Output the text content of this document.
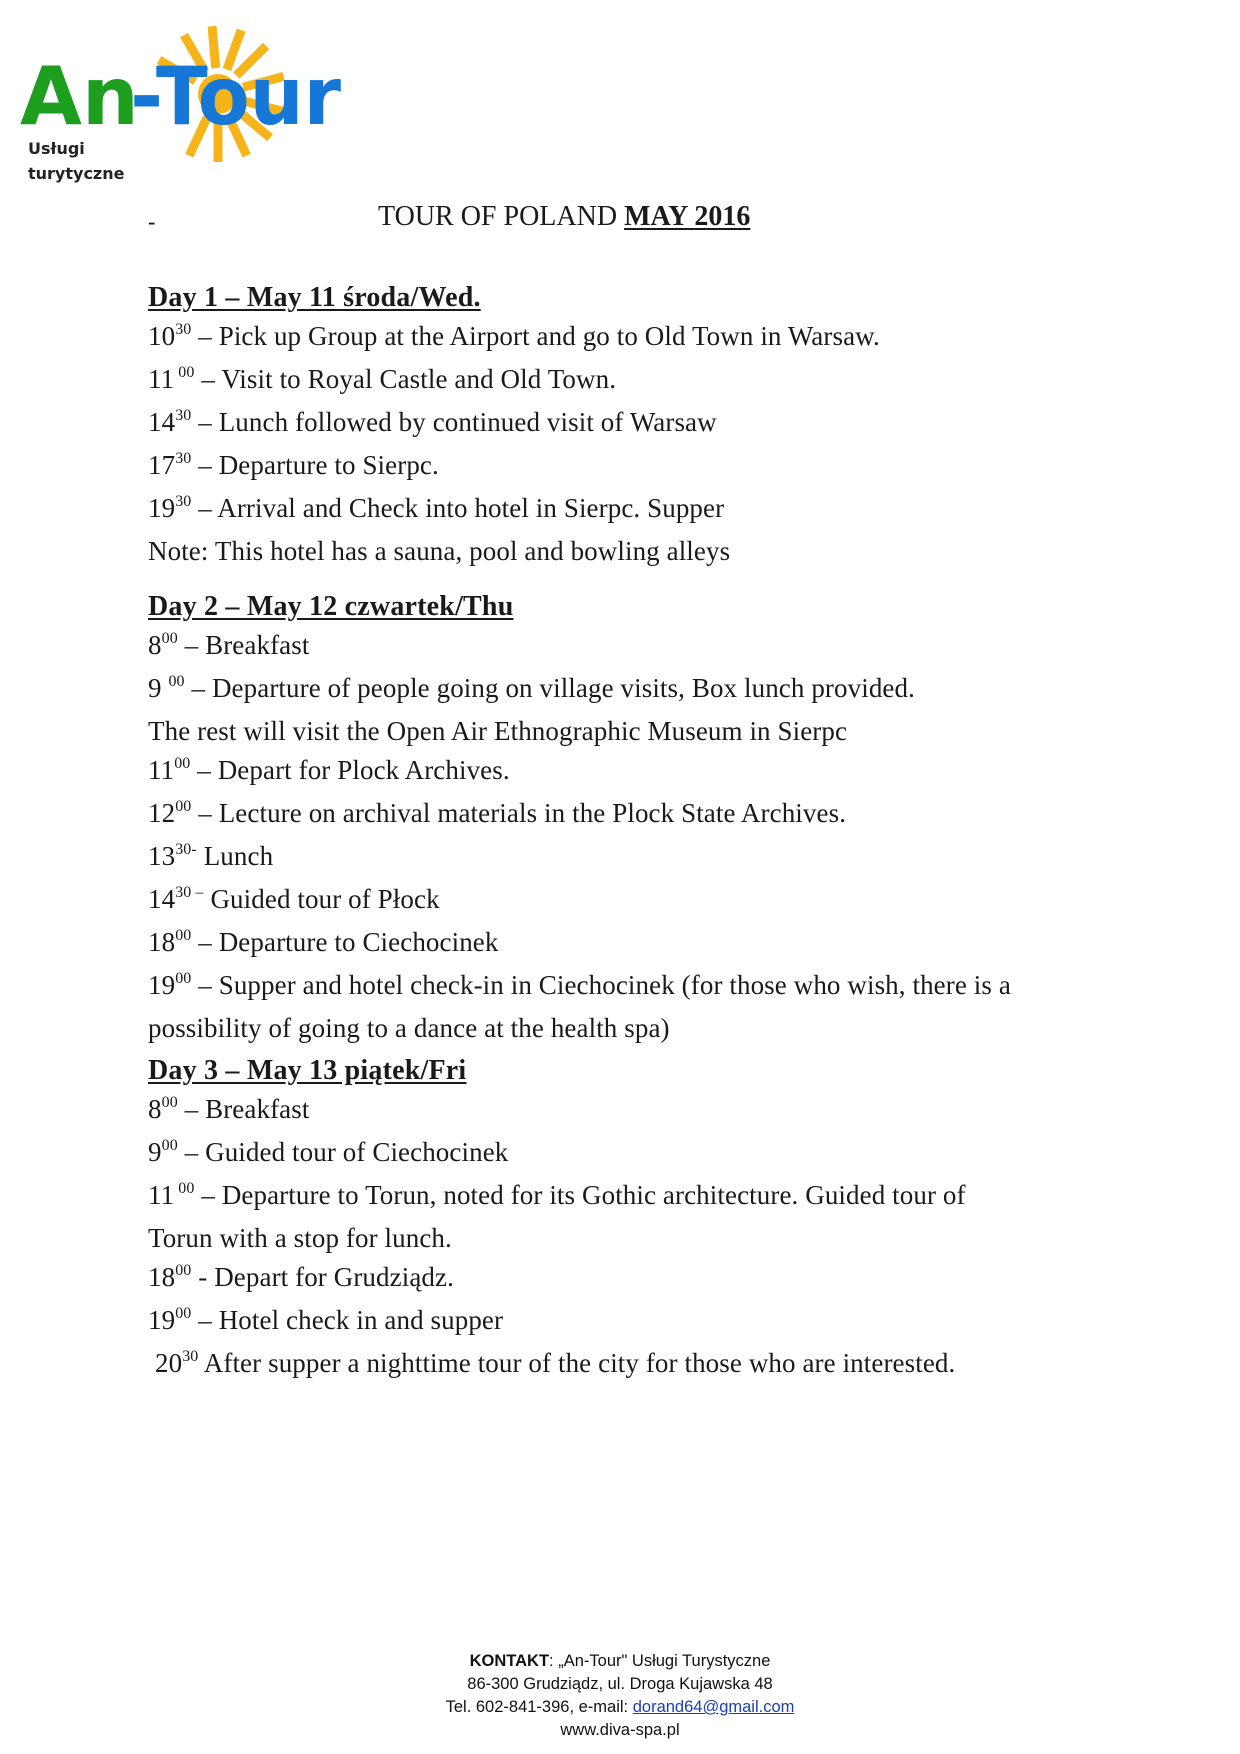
An
-
Tour
Usługi
turytyczne
-	TOUR OF POLAND MAY 2016
Day 1 – May 11 środa/Wed.
$10^{30}$ – Pick up Group at the Airport and go to Old Town in Warsaw.
11 $^{00}$ – Visit to Royal Castle and Old Town.
$14^{30}$ – Lunch followed by continued visit of Warsaw
$17^{30}$ – Departure to Sierpc.
$19^{30}$ – Arrival and Check into hotel in Sierpc. Supper
Note: This hotel has a sauna, pool and bowling alleys
Day 2 – May 12 czwartek/Thu
$8^{00}$ – Breakfast
9 $^{00}$ – Departure of people going on village visits, Box lunch provided.
The rest will visit the Open Air Ethnographic Museum in Sierpc
$11^{00}$ – Depart for Plock Archives.
$12^{00}$ – Lecture on archival materials in the Plock State Archives.
$13^{30-}$ Lunch
$14^{30 -}$ Guided tour of Płock
$18^{00}$ – Departure to Ciechocinek
$19^{00}$ – Supper and hotel check-in in Ciechocinek (for those who wish, there is a
possibility of going to a dance at the health spa)
Day 3 – May 13 piątek/Fri
$8^{00}$ – Breakfast
$9^{00}$ – Guided tour of Ciechocinek
11 $^{00}$ – Departure to Torun, noted for its Gothic architecture. Guided tour of
Torun with a stop for lunch.
$18^{00}$ - Depart for Grudziądz.
$19^{00}$ – Hotel check in and supper
$20^{30}$ After supper a nighttime tour of the city for those who are interested.
KONTAKT: „An-Tour" Usługi Turystyczne
86-300 Grudziądz, ul. Droga Kujawska 48
Tel. 602-841-396, e-mail: dorand64@gmail.com
www.diva-spa.pl
